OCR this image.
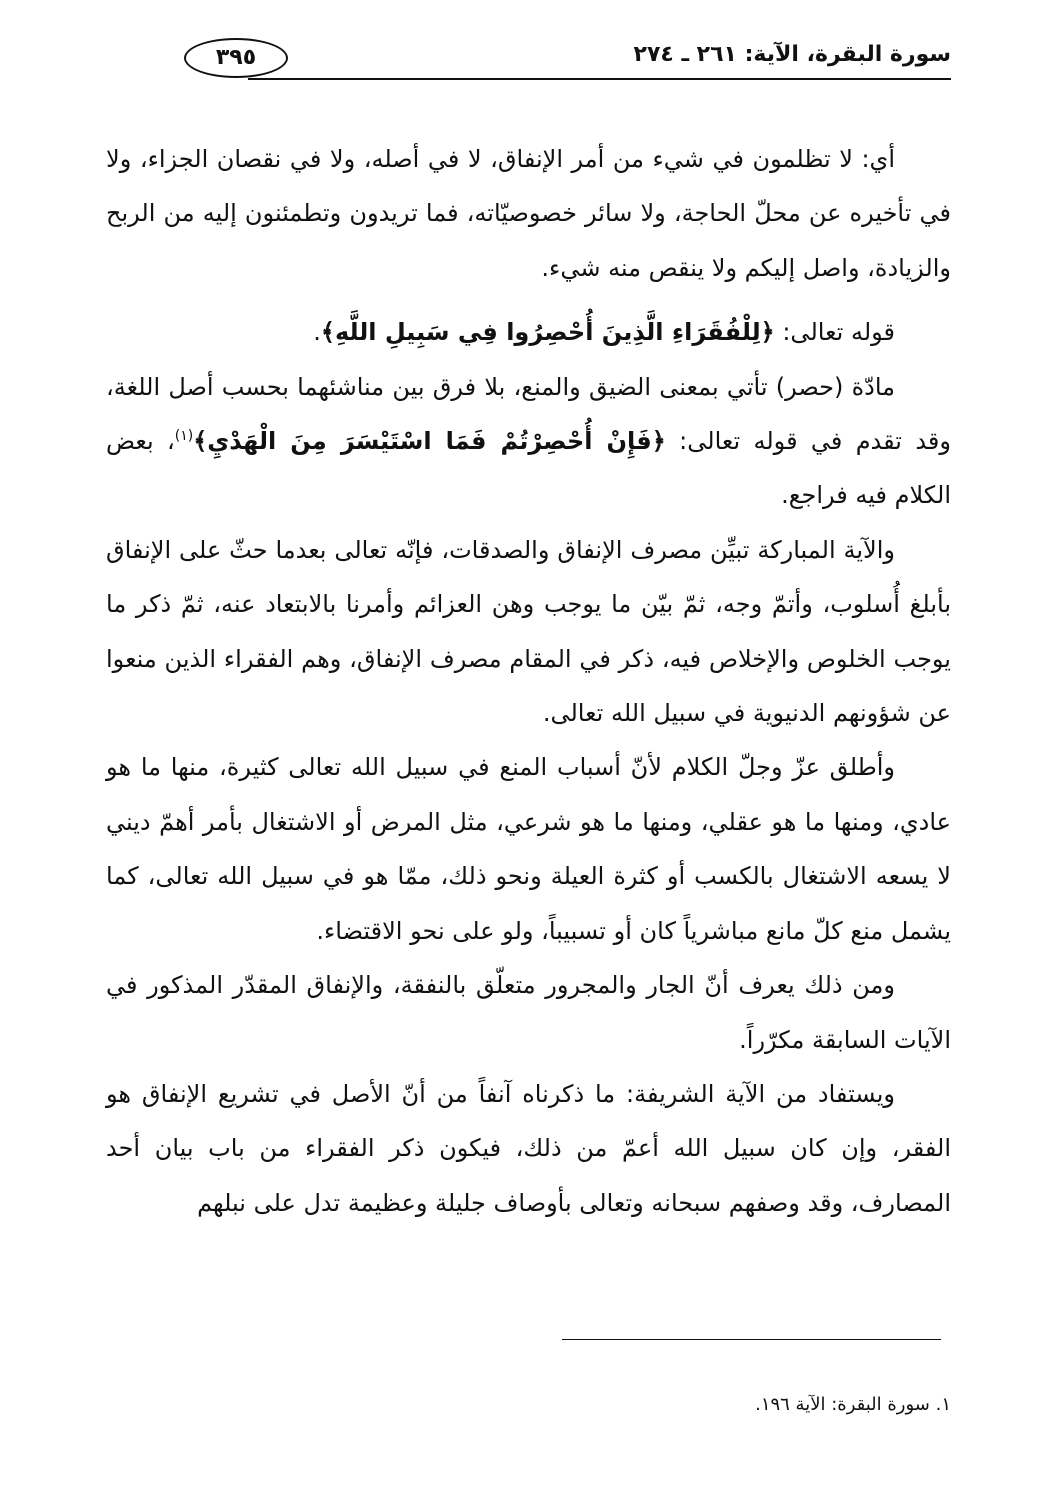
سورة البقرة، الآية: ٢٦١ ـ ٢٧٤
٣٩٥

أي: لا تظلمون في شيء من أمر الإنفاق، لا في أصله، ولا في نقصان الجزاء، ولا في تأخيره عن محلّ الحاجة، ولا سائر خصوصيّاته، فما تريدون وتطمئنون إليه من الربح والزيادة، واصل إليكم ولا ينقص منه شيء.

قوله تعالى: ﴿لِلْفُقَرَاءِ الَّذِينَ أُحْصِرُوا فِي سَبِيلِ اللَّهِ﴾.

مادّة (حصر) تأتي بمعنى الضيق والمنع، بلا فرق بين مناشئهما بحسب أصل اللغة، وقد تقدم في قوله تعالى: ﴿فَإِنْ أُحْصِرْتُمْ فَمَا اسْتَيْسَرَ مِنَ الْهَدْيِ﴾$^{(١)}$، بعض الكلام فيه فراجع.

والآية المباركة تبيِّن مصرف الإنفاق والصدقات، فإنّه تعالى بعدما حثّ على الإنفاق بأبلغ أُسلوب، وأتمّ وجه، ثمّ بيّن ما يوجب وهن العزائم وأمرنا بالابتعاد عنه، ثمّ ذكر ما يوجب الخلوص والإخلاص فيه، ذكر في المقام مصرف الإنفاق، وهم الفقراء الذين منعوا عن شؤونهم الدنيوية في سبيل الله تعالى.

وأطلق عزّ وجلّ الكلام لأنّ أسباب المنع في سبيل الله تعالى كثيرة، منها ما هو عادي، ومنها ما هو عقلي، ومنها ما هو شرعي، مثل المرض أو الاشتغال بأمر أهمّ ديني لا يسعه الاشتغال بالكسب أو كثرة العيلة ونحو ذلك، ممّا هو في سبيل الله تعالى، كما يشمل منع كلّ مانع مباشرياً كان أو تسبيباً، ولو على نحو الاقتضاء.

ومن ذلك يعرف أنّ الجار والمجرور متعلّق بالنفقة، والإنفاق المقدّر المذكور في الآيات السابقة مكرّراً.

ويستفاد من الآية الشريفة: ما ذكرناه آنفاً من أنّ الأصل في تشريع الإنفاق هو الفقر، وإن كان سبيل الله أعمّ من ذلك، فيكون ذكر الفقراء من باب بيان أحد المصارف، وقد وصفهم سبحانه وتعالى بأوصاف جليلة وعظيمة تدل على نبلهم

١. سورة البقرة: الآية ١٩٦.
